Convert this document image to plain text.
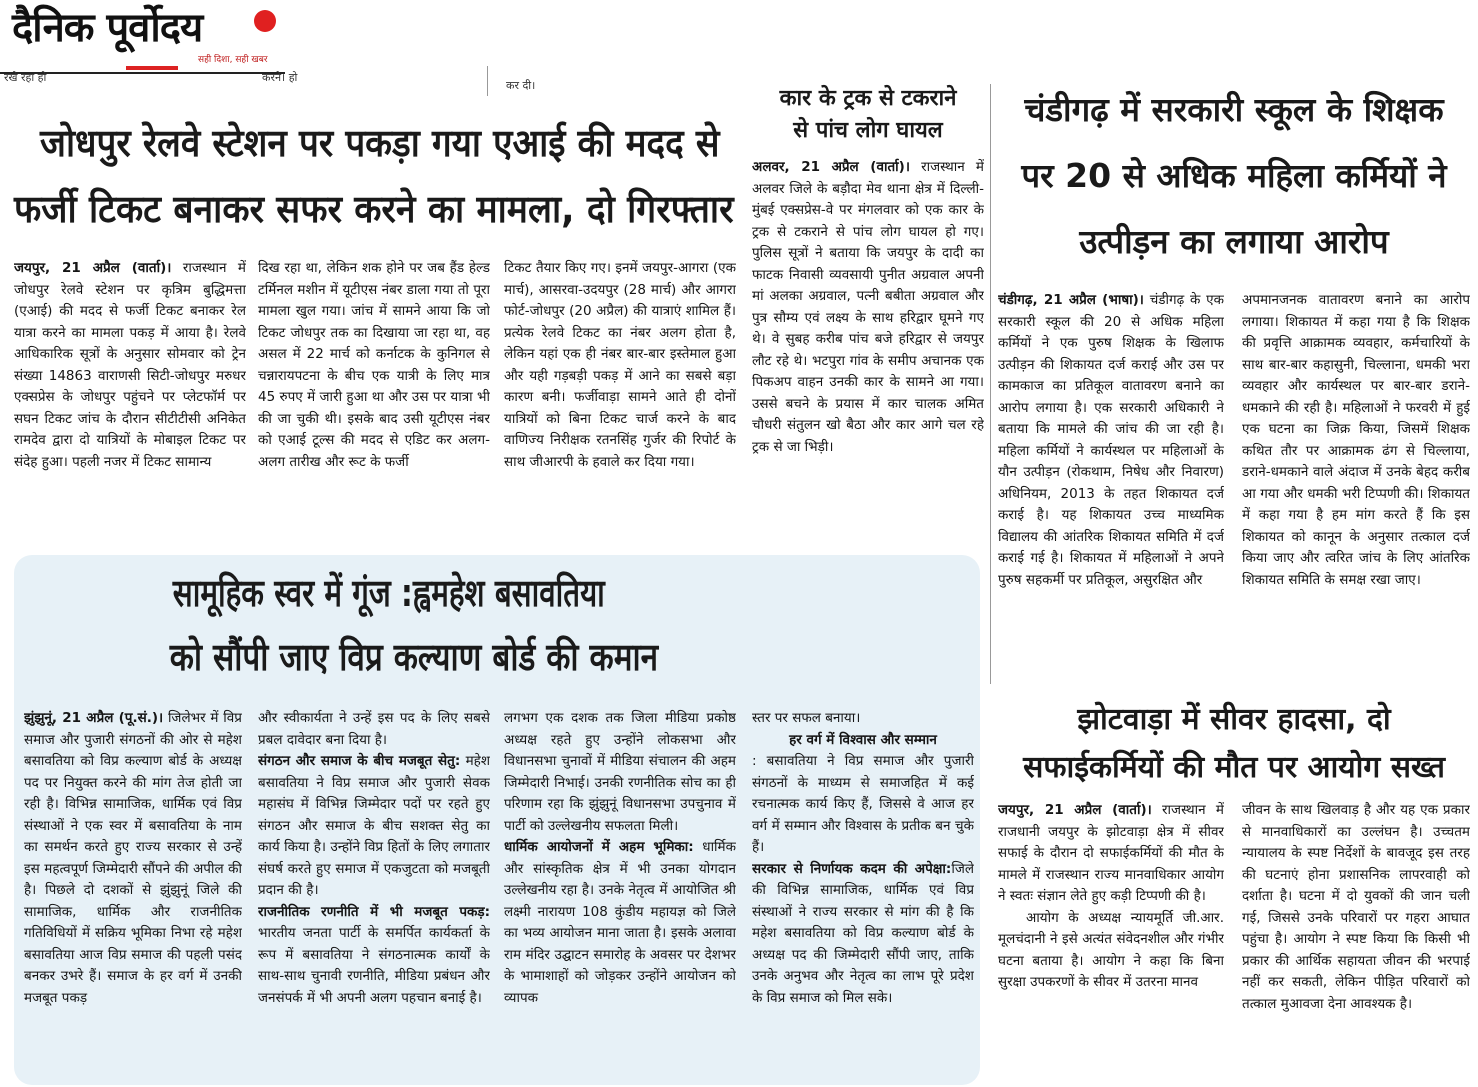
दैनिक पूर्वोदय
सही दिशा, सही खबर
रखे रहा हो	करने। हो
कर दी।
जोधपुर रेलवे स्टेशन पर पकड़ा गया एआई की मदद से
फर्जी टिकट बनाकर सफर करने का मामला, दो गिरफ्तार

जयपुर, 21 अप्रैल (वार्ता)। राजस्थान में जोधपुर रेलवे स्टेशन पर कृत्रिम बुद्धिमत्ता (एआई) की मदद से फर्जी टिकट बनाकर रेल यात्रा करने का मामला पकड़ में आया है। रेलवे आधिकारिक सूत्रों के अनुसार सोमवार को ट्रेन संख्या 14863 वाराणसी सिटी-जोधपुर मरुधर एक्सप्रेस के जोधपुर पहुंचने पर प्लेटफॉर्म पर सघन टिकट जांच के दौरान सीटीटीसी अनिकेत रामदेव द्वारा दो यात्रियों के मोबाइल टिकट पर संदेह हुआ। पहली नजर में टिकट सामान्य

दिख रहा था, लेकिन शक होने पर जब हैंड हेल्ड टर्मिनल मशीन में यूटीएस नंबर डाला गया तो पूरा मामला खुल गया। जांच में सामने आया कि जो टिकट जोधपुर तक का दिखाया जा रहा था, वह असल में 22 मार्च को कर्नाटक के कुनिगल से चन्नारायपटना के बीच एक यात्री के लिए मात्र 45 रुपए में जारी हुआ था और उस पर यात्रा भी की जा चुकी थी। इसके बाद उसी यूटीएस नंबर को एआई टूल्स की मदद से एडिट कर अलग-अलग तारीख और रूट के फर्जी

टिकट तैयार किए गए। इनमें जयपुर-आगरा (एक मार्च), आसरवा-उदयपुर (28 मार्च) और आगरा फोर्ट-जोधपुर (20 अप्रैल) की यात्राएं शामिल हैं। प्रत्येक रेलवे टिकट का नंबर अलग होता है, लेकिन यहां एक ही नंबर बार-बार इस्तेमाल हुआ और यही गड़बड़ी पकड़ में आने का सबसे बड़ा कारण बनी। फर्जीवाड़ा सामने आते ही दोनों यात्रियों को बिना टिकट चार्ज करने के बाद वाणिज्य निरीक्षक रतनसिंह गुर्जर की रिपोर्ट के साथ जीआरपी के हवाले कर दिया गया।

कार के ट्रक से टकराने
से पांच लोग घायल

अलवर, 21 अप्रैल (वार्ता)। राजस्थान में अलवर जिले के बड़ौदा मेव थाना क्षेत्र में दिल्ली-मुंबई एक्सप्रेस-वे पर मंगलवार को एक कार के ट्रक से टकराने से पांच लोग घायल हो गए। पुलिस सूत्रों ने बताया कि जयपुर के दादी का फाटक निवासी व्यवसायी पुनीत अग्रवाल अपनी मां अलका अग्रवाल, पत्नी बबीता अग्रवाल और पुत्र सौम्य एवं लक्ष्य के साथ हरिद्वार घूमने गए थे। वे सुबह करीब पांच बजे हरिद्वार से जयपुर लौट रहे थे। भटपुरा गांव के समीप अचानक एक पिकअप वाहन उनकी कार के सामने आ गया। उससे बचने के प्रयास में कार चालक अमित चौधरी संतुलन खो बैठा और कार आगे चल रहे ट्रक से जा भिड़ी।

चंडीगढ़ में सरकारी स्कूल के शिक्षक
पर 20 से अधिक महिला कर्मियों ने
उत्पीड़न का लगाया आरोप

चंडीगढ़, 21 अप्रैल (भाषा)। चंडीगढ़ के एक सरकारी स्कूल की 20 से अधिक महिला कर्मियों ने एक पुरुष शिक्षक के खिलाफ उत्पीड़न की शिकायत दर्ज कराई और उस पर कामकाज का प्रतिकूल वातावरण बनाने का आरोप लगाया है। एक सरकारी अधिकारी ने बताया कि मामले की जांच की जा रही है। महिला कर्मियों ने कार्यस्थल पर महिलाओं के यौन उत्पीड़न (रोकथाम, निषेध और निवारण) अधिनियम, 2013 के तहत शिकायत दर्ज कराई है। यह शिकायत उच्च माध्यमिक विद्यालय की आंतरिक शिकायत समिति में दर्ज कराई गई है। शिकायत में महिलाओं ने अपने पुरुष सहकर्मी पर प्रतिकूल, असुरक्षित और

अपमानजनक वातावरण बनाने का आरोप लगाया। शिकायत में कहा गया है कि शिक्षक की प्रवृत्ति आक्रामक व्यवहार, कर्मचारियों के साथ बार-बार कहासुनी, चिल्लाना, धमकी भरा व्यवहार और कार्यस्थल पर बार-बार डराने-धमकाने की रही है। महिलाओं ने फरवरी में हुई एक घटना का जिक्र किया, जिसमें शिक्षक कथित तौर पर आक्रामक ढंग से चिल्लाया, डराने-धमकाने वाले अंदाज में उनके बेहद करीब आ गया और धमकी भरी टिप्पणी की। शिकायत में कहा गया है हम मांग करते हैं कि इस शिकायत को कानून के अनुसार तत्काल दर्ज किया जाए और त्वरित जांच के लिए आंतरिक शिकायत समिति के समक्ष रखा जाए।

सामूहिक स्वर में गूंज :ह्वमहेश बसावतिया
को सौंपी जाए विप्र कल्याण बोर्ड की कमान

झुंझुनूं, 21 अप्रैल (पू.सं.)। जिलेभर में विप्र समाज और पुजारी संगठनों की ओर से महेश बसावतिया को विप्र कल्याण बोर्ड के अध्यक्ष पद पर नियुक्त करने की मांग तेज होती जा रही है। विभिन्न सामाजिक, धार्मिक एवं विप्र संस्थाओं ने एक स्वर में बसावतिया के नाम का समर्थन करते हुए राज्य सरकार से उन्हें इस महत्वपूर्ण जिम्मेदारी सौंपने की अपील की है। पिछले दो दशकों से झुंझुनूं जिले की सामाजिक, धार्मिक और राजनीतिक गतिविधियों में सक्रिय भूमिका निभा रहे महेश बसावतिया आज विप्र समाज की पहली पसंद बनकर उभरे हैं। समाज के हर वर्ग में उनकी मजबूत पकड़

और स्वीकार्यता ने उन्हें इस पद के लिए सबसे प्रबल दावेदार बना दिया है।

संगठन और समाज के बीच मजबूत सेतु: महेश बसावतिया ने विप्र समाज और पुजारी सेवक महासंघ में विभिन्न जिम्मेदार पदों पर रहते हुए संगठन और समाज के बीच सशक्त सेतु का कार्य किया है। उन्होंने विप्र हितों के लिए लगातार संघर्ष करते हुए समाज में एकजुटता को मजबूती प्रदान की है।

राजनीतिक रणनीति में भी मजबूत पकड़: भारतीय जनता पार्टी के समर्पित कार्यकर्ता के रूप में बसावतिया ने संगठनात्मक कार्यों के साथ-साथ चुनावी रणनीति, मीडिया प्रबंधन और जनसंपर्क में भी अपनी अलग पहचान बनाई है।

लगभग एक दशक तक जिला मीडिया प्रकोष्ठ अध्यक्ष रहते हुए उन्होंने लोकसभा और विधानसभा चुनावों में मीडिया संचालन की अहम जिम्मेदारी निभाई। उनकी रणनीतिक सोच का ही परिणाम रहा कि झुंझुनूं विधानसभा उपचुनाव में पार्टी को उल्लेखनीय सफलता मिली।

धार्मिक आयोजनों में अहम भूमिका: धार्मिक और सांस्कृतिक क्षेत्र में भी उनका योगदान उल्लेखनीय रहा है। उनके नेतृत्व में आयोजित श्री लक्ष्मी नारायण 108 कुंडीय महायज्ञ को जिले का भव्य आयोजन माना जाता है। इसके अलावा राम मंदिर उद्घाटन समारोह के अवसर पर देशभर के भामाशाहों को जोड़कर उन्होंने आयोजन को व्यापक

स्तर पर सफल बनाया।

हर वर्ग में विश्वास और सम्मान
: बसावतिया ने विप्र समाज और पुजारी संगठनों के माध्यम से समाजहित में कई रचनात्मक कार्य किए हैं, जिससे वे आज हर वर्ग में सम्मान और विश्वास के प्रतीक बन चुके हैं।

सरकार से निर्णायक कदम की अपेक्षा:जिले की विभिन्न सामाजिक, धार्मिक एवं विप्र संस्थाओं ने राज्य सरकार से मांग की है कि महेश बसावतिया को विप्र कल्याण बोर्ड के अध्यक्ष पद की जिम्मेदारी सौंपी जाए, ताकि उनके अनुभव और नेतृत्व का लाभ पूरे प्रदेश के विप्र समाज को मिल सके।

झोटवाड़ा में सीवर हादसा, दो
सफाईकर्मियों की मौत पर आयोग सख्त

जयपुर, 21 अप्रैल (वार्ता)। राजस्थान में राजधानी जयपुर के झोटवाड़ा क्षेत्र में सीवर सफाई के दौरान दो सफाईकर्मियों की मौत के मामले में राजस्थान राज्य मानवाधिकार आयोग ने स्वतः संज्ञान लेते हुए कड़ी टिप्पणी की है।

आयोग के अध्यक्ष न्यायमूर्ति जी.आर. मूलचंदानी ने इसे अत्यंत संवेदनशील और गंभीर घटना बताया है। आयोग ने कहा कि बिना सुरक्षा उपकरणों के सीवर में उतरना मानव

जीवन के साथ खिलवाड़ है और यह एक प्रकार से मानवाधिकारों का उल्लंघन है। उच्चतम न्यायालय के स्पष्ट निर्देशों के बावजूद इस तरह की घटनाएं होना प्रशासनिक लापरवाही को दर्शाता है। घटना में दो युवकों की जान चली गई, जिससे उनके परिवारों पर गहरा आघात पहुंचा है। आयोग ने स्पष्ट किया कि किसी भी प्रकार की आर्थिक सहायता जीवन की भरपाई नहीं कर सकती, लेकिन पीड़ित परिवारों को तत्काल मुआवजा देना आवश्यक है।
